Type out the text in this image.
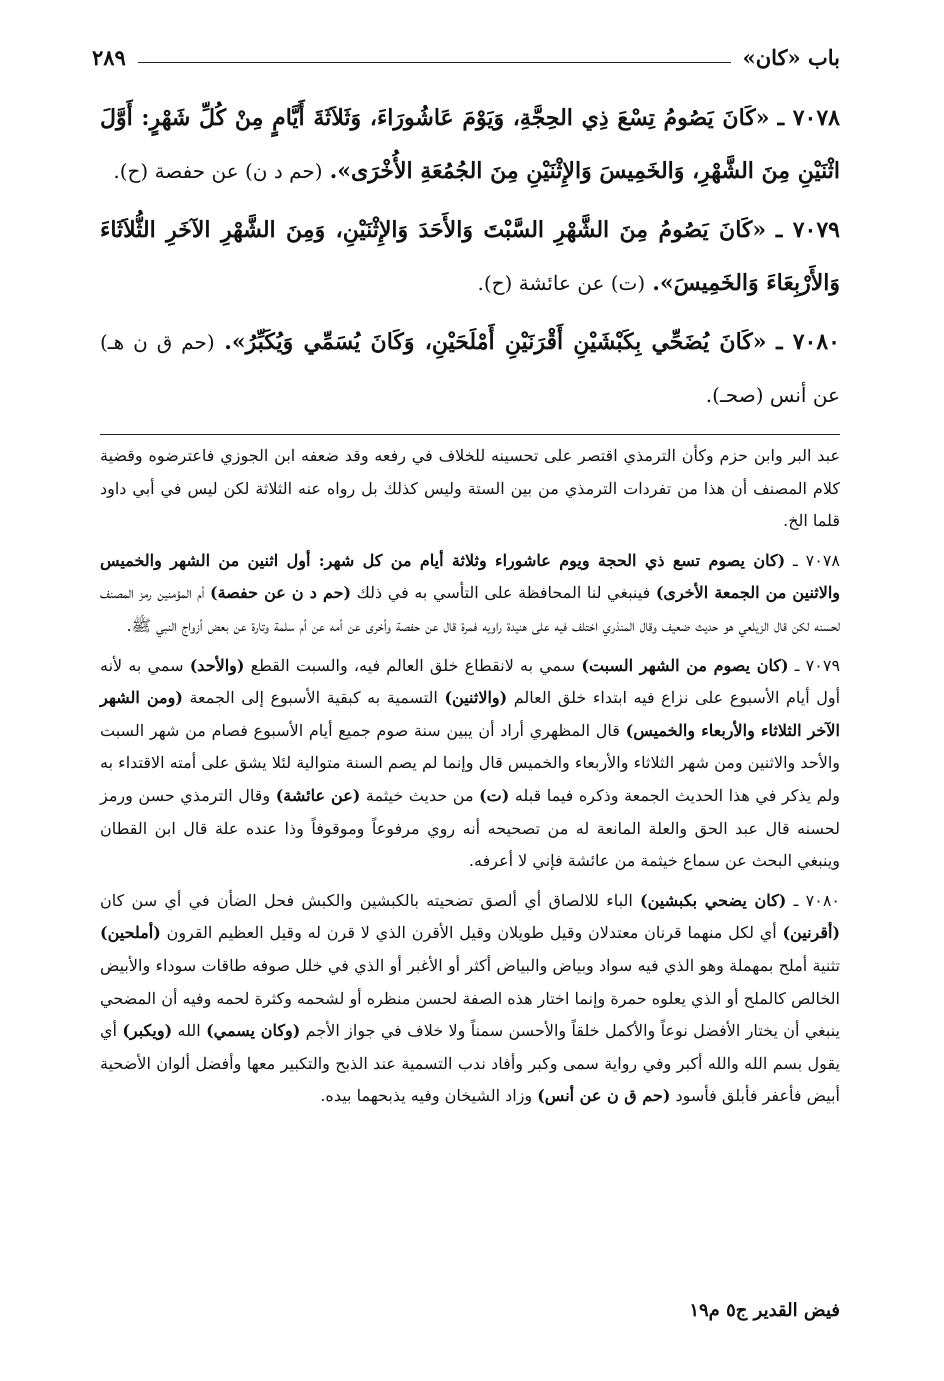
باب «كان»
٢٨٩

٧٠٧٨ ـ «كَانَ يَصُومُ تِسْعَ ذِي الحِجَّةِ، وَيَوْمَ عَاشُورَاءَ، وَثَلاَثَةَ أَيَّامٍ مِنْ كُلِّ شَهْرٍ: أَوَّلَ اثْنَيْنِ مِنَ الشَّهْرِ، وَالخَمِيسَ وَالإِثْنَيْنِ مِنَ الجُمُعَةِ الأُخْرَى». (حم د ن) عن حفصة (ح).

٧٠٧٩ ـ «كَانَ يَصُومُ مِنَ الشَّهْرِ السَّبْتَ وَالأَحَدَ وَالإِثْنَيْنِ، وَمِنَ الشَّهْرِ الآخَرِ الثُّلاَثَاءَ وَالأَرْبِعَاءَ وَالخَمِيسَ». (ت) عن عائشة (ح).

٧٠٨٠ ـ «كَانَ يُضَحِّي بِكَبْشَيْنِ أَقْرَنَيْنِ أَمْلَحَيْنِ، وَكَانَ يُسَمِّي وَيُكَبِّرُ». (حم ق ن هـ) عن أنس (صحـ).

عبد البر وابن حزم وكأن الترمذي اقتصر على تحسينه للخلاف في رفعه وقد ضعفه ابن الجوزي فاعترضوه وقضية كلام المصنف أن هذا من تفردات الترمذي من بين الستة وليس كذلك بل رواه عنه الثلاثة لكن ليس في أبي داود قلما الخ.

٧٠٧٨ ـ (كان يصوم تسع ذي الحجة ويوم عاشوراء وثلاثة أيام من كل شهر: أول اثنين من الشهر والخميس والاثنين من الجمعة الأخرى) فينبغي لنا المحافظة على التأسي به في ذلك (حم د ن عن حفصة) أم المؤمنين رمز المصنف لحسنه لكن قال الزيلعي هو حديث ضعيف وقال المنذري اختلف فيه على هنيدة راويه فمرة قال عن حفصة وأخرى عن أمه عن أم سلمة وتارة عن بعض أزواج النبي ﷺ.

٧٠٧٩ ـ (كان يصوم من الشهر السبت) سمي به لانقطاع خلق العالم فيه، والسبت القطع (والأحد) سمي به لأنه أول أيام الأسبوع على نزاع فيه ابتداء خلق العالم (والاثنين) التسمية به كبقية الأسبوع إلى الجمعة (ومن الشهر الآخر الثلاثاء والأربعاء والخميس) قال المظهري أراد أن يبين سنة صوم جميع أيام الأسبوع فصام من شهر السبت والأحد والاثنين ومن شهر الثلاثاء والأربعاء والخميس قال وإنما لم يصم السنة متوالية لئلا يشق على أمته الاقتداء به ولم يذكر في هذا الحديث الجمعة وذكره فيما قبله (ت) من حديث خيثمة (عن عائشة) وقال الترمذي حسن ورمز لحسنه قال عبد الحق والعلة المانعة له من تصحيحه أنه روي مرفوعاً وموقوفاً وذا عنده علة قال ابن القطان وينبغي البحث عن سماع خيثمة من عائشة فإني لا أعرفه.

٧٠٨٠ ـ (كان يضحي بكبشين) الباء للالصاق أي ألصق تضحيته بالكبشين والكبش فحل الضأن في أي سن كان (أقرنين) أي لكل منهما قرنان معتدلان وقيل طويلان وقيل الأقرن الذي لا قرن له وقيل العظيم القرون (أملحين) تثنية أملح بمهملة وهو الذي فيه سواد وبياض والبياض أكثر أو الأغبر أو الذي في خلل صوفه طاقات سوداء والأبيض الخالص كالملح أو الذي يعلوه حمرة وإنما اختار هذه الصفة لحسن منظره أو لشحمه وكثرة لحمه وفيه أن المضحي ينبغي أن يختار الأفضل نوعاً والأكمل خلقاً والأحسن سمناً ولا خلاف في جواز الأجم (وكان يسمي) الله (ويكبر) أي يقول بسم الله والله أكبر وفي رواية سمى وكبر وأفاد ندب التسمية عند الذبح والتكبير معها وأفضل ألوان الأضحية أبيض فأعفر فأبلق فأسود (حم ق ن عن أنس) وزاد الشيخان وفيه يذبحهما بيده.

فيض القدير ج٥ م١٩
